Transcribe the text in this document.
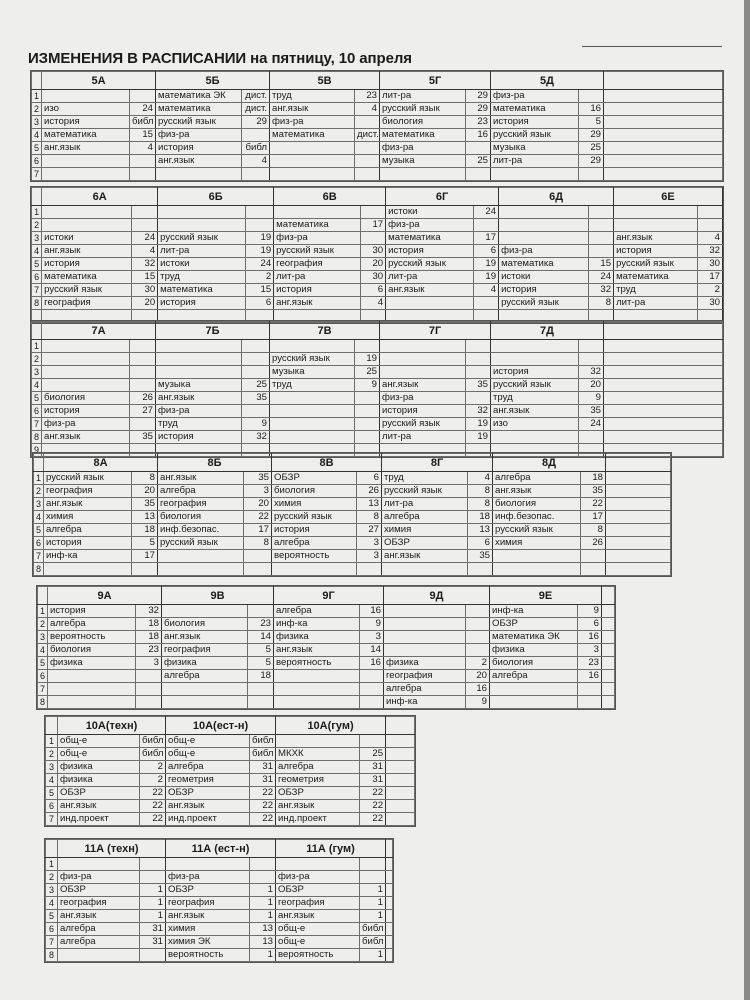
ИЗМЕНЕНИЯ В РАСПИСАНИИ на пятницу, 10 апреля
	5А		5Б		5В		5Г		5Д		
1			математика ЭК	дист.	труд	23	лит-ра	29	физ-ра		
2	изо	24	математика	дист.	анг.язык	4	русский язык	29	математика	16	
3	история	библ	русский язык	29	физ-ра		биология	23	история	5	
4	математика	15	физ-ра		математика	дист.	математика	16	русский язык	29	
5	анг.язык	4	история	библ			физ-ра		музыка	25	
6			анг.язык	4			музыка	25	лит-ра	29	
7											
	6А		6Б		6В		6Г		6Д		6Е	
1							истоки	24				
2					математика	17	физ-ра					
3	истоки	24	русский язык	19	физ-ра		математика	17			анг.язык	4
4	анг.язык	4	лит-ра	19	русский язык	30	история	6	физ-ра		история	32
5	история	32	истоки	24	география	20	русский язык	19	математика	15	русский язык	30
6	математика	15	труд	2	лит-ра	30	лит-ра	19	истоки	24	математика	17
7	русский язык	30	математика	15	история	6	анг.язык	4	история	32	труд	2
8	география	20	история	6	анг.язык	4			русский язык	8	лит-ра	30

	7А		7Б		7В		7Г		7Д		
1											
2					русский язык	19					
3					музыка	25			история	32	
4			музыка	25	труд	9	анг.язык	35	русский язык	20	
5	биология	26	анг.язык	35			физ-ра		труд	9	
6	история	27	физ-ра				история	32	анг.язык	35	
7	физ-ра		труд	9			русский язык	19	изо	24	
8	анг.язык	35	история	32			лит-ра	19			
9											
	8А		8Б		8В		8Г		8Д		
1	русский язык	8	анг.язык	35	ОБЗР	6	труд	4	алгебра	18	
2	география	20	алгебра	3	биология	26	русский язык	8	анг.язык	35	
3	анг.язык	35	география	20	химия	13	лит-ра	8	биология	22	
4	химия	13	биология	22	русский язык	8	алгебра	18	инф.безопас.	17	
5	алгебра	18	инф.безопас.	17	история	27	химия	13	русский язык	8	
6	история	5	русский язык	8	алгебра	3	ОБЗР	6	химия	26	
7	инф-ка	17			вероятность	3	анг.язык	35			
8											
	9А		9В		9Г		9Д		9Е		
1	история	32			алгебра	16			инф-ка	9	
2	алгебра	18	биология	23	инф-ка	9			ОБЗР	6	
3	вероятность	18	анг.язык	14	физика	3			математика ЭК	16	
4	биология	23	география	5	анг.язык	14			физика	3	
5	физика	3	физика	5	вероятность	16	физика	2	биология	23	
6			алгебра	18			география	20	алгебра	16	
7							алгебра	16			
8							инф-ка	9			
	10А(техн)		10А(ест-н)		10А(гум)		
1	общ-е	библ	общ-е	библ			
2	общ-е	библ	общ-е	библ	МКХК	25	
3	физика	2	алгебра	31	алгебра	31	
4	физика	2	геометрия	31	геометрия	31	
5	ОБЗР	22	ОБЗР	22	ОБЗР	22	
6	анг.язык	22	анг.язык	22	анг.язык	22	
7	инд.проект	22	инд.проект	22	инд.проект	22	
	11А (техн)		11А (ест-н)		11А (гум)		
1							
2	физ-ра		физ-ра		физ-ра		
3	ОБЗР	1	ОБЗР	1	ОБЗР	1	
4	география	1	география	1	география	1	
5	анг.язык	1	анг.язык	1	анг.язык	1	
6	алгебра	31	химия	13	общ-е	библ	
7	алгебра	31	химия ЭК	13	общ-е	библ	
8			вероятность	1	вероятность	1	
